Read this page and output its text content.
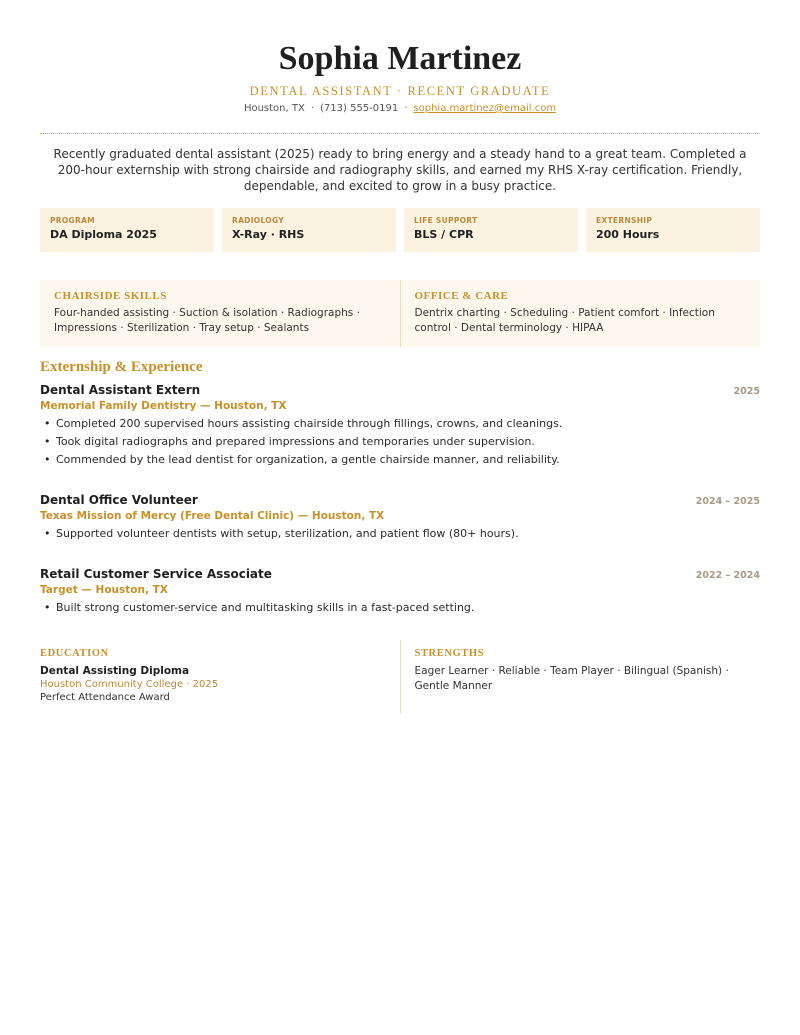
Sophia Martinez
DENTAL ASSISTANT · RECENT GRADUATE
Houston, TX · (713) 555-0191 · sophia.martinez@email.com
Recently graduated dental assistant (2025) ready to bring energy and a steady hand to a great team. Completed a 200-hour externship with strong chairside and radiography skills, and earned my RHS X-ray certification. Friendly, dependable, and excited to grow in a busy practice.
PROGRAM
DA Diploma 2025
RADIOLOGY
X-Ray · RHS
LIFE SUPPORT
BLS / CPR
EXTERNSHIP
200 Hours
CHAIRSIDE SKILLS
Four-handed assisting · Suction & isolation · Radiographs · Impressions · Sterilization · Tray setup · Sealants
OFFICE & CARE
Dentrix charting · Scheduling · Patient comfort · Infection control · Dental terminology · HIPAA
Externship & Experience
Dental Assistant Extern	2025
Memorial Family Dentistry — Houston, TX
• Completed 200 supervised hours assisting chairside through fillings, crowns, and cleanings.
• Took digital radiographs and prepared impressions and temporaries under supervision.
• Commended by the lead dentist for organization, a gentle chairside manner, and reliability.
Dental Office Volunteer	2024 – 2025
Texas Mission of Mercy (Free Dental Clinic) — Houston, TX
• Supported volunteer dentists with setup, sterilization, and patient flow (80+ hours).
Retail Customer Service Associate	2022 – 2024
Target — Houston, TX
• Built strong customer-service and multitasking skills in a fast-paced setting.
EDUCATION
Dental Assisting Diploma
Houston Community College · 2025
Perfect Attendance Award
STRENGTHS
Eager Learner · Reliable · Team Player · Bilingual (Spanish) · Gentle Manner
